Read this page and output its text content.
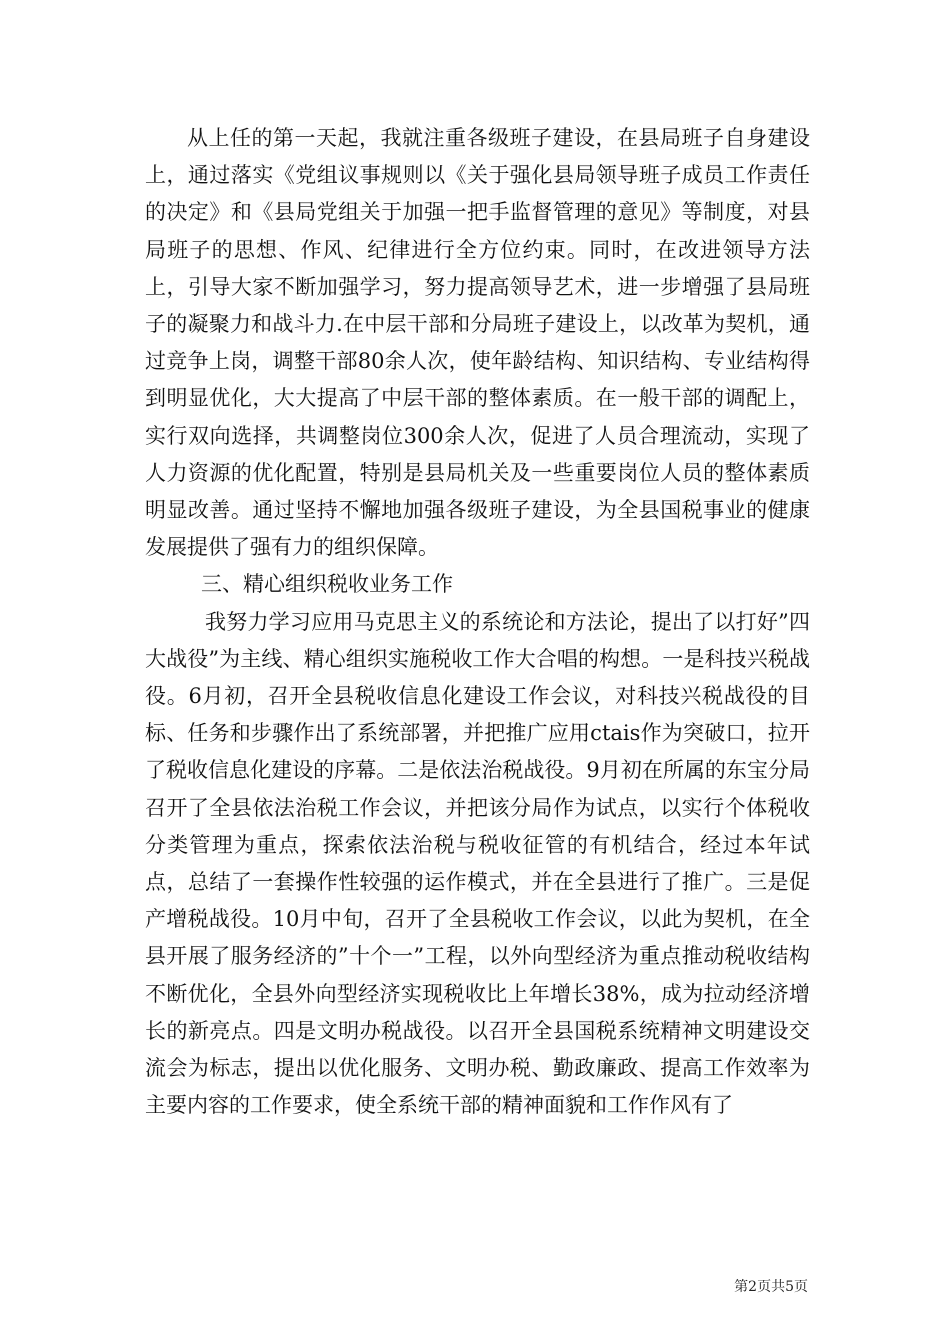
从上任的第一天起，我就注重各级班子建设，在县局班子自身建设上，通过落实《党组议事规则以《关于强化县局领导班子成员工作责任的决定》和《县局党组关于加强一把手监督管理的意见》等制度，对县局班子的思想、作风、纪律进行全方位约束。同时，在改进领导方法上，引导大家不断加强学习，努力提高领导艺术，进一步增强了县局班子的凝聚力和战斗力.在中层干部和分局班子建设上，以改革为契机，通过竞争上岗，调整干部80余人次，使年龄结构、知识结构、专业结构得到明显优化，大大提高了中层干部的整体素质。在一般干部的调配上，实行双向选择，共调整岗位300余人次，促进了人员合理流动，实现了人力资源的优化配置，特别是县局机关及一些重要岗位人员的整体素质明显改善。通过坚持不懈地加强各级班子建设，为全县国税事业的健康发展提供了强有力的组织保障。

三、精心组织税收业务工作

我努力学习应用马克思主义的系统论和方法论，提出了以打好”四大战役”为主线、精心组织实施税收工作大合唱的构想。一是科技兴税战役。6月初，召开全县税收信息化建设工作会议，对科技兴税战役的目标、任务和步骤作出了系统部署，并把推广应用ctais作为突破口，拉开了税收信息化建设的序幕。二是依法治税战役。9月初在所属的东宝分局召开了全县依法治税工作会议，并把该分局作为试点，以实行个体税收分类管理为重点，探索依法治税与税收征管的有机结合，经过本年试点，总结了一套操作性较强的运作模式，并在全县进行了推广。三是促产增税战役。10月中旬，召开了全县税收工作会议，以此为契机，在全县开展了服务经济的”十个一”工程，以外向型经济为重点推动税收结构不断优化，全县外向型经济实现税收比上年增长38%，成为拉动经济增长的新亮点。四是文明办税战役。以召开全县国税系统精神文明建设交流会为标志，提出以优化服务、文明办税、勤政廉政、提高工作效率为主要内容的工作要求，使全系统干部的精神面貌和工作作风有了

第2页共5页
